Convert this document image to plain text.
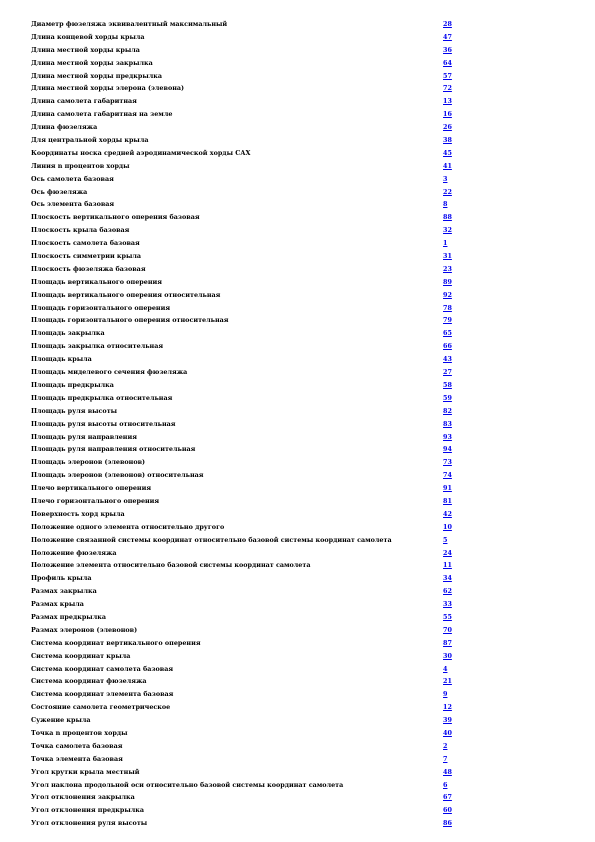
Диаметр фюзеляжа эквивалентный максимальный	28
Длина концевой хорды крыла	47
Длина местной хорды крыла	36
Длина местной хорды закрылка	64
Длина местной хорды предкрылка	57
Длина местной хорды элерона (элевона)	72
Длина самолета габаритная	13
Длина самолета габаритная на земле	16
Длина фюзеляжа	26
Для центральной хорды крыла	38
Координаты носка средней аэродинамической хорды САХ	45
Линия n процентов хорды	41
Ось самолета базовая	3
Ось фюзеляжа	22
Ось элемента базовая	8
Плоскость вертикального оперения базовая	88
Плоскость крыла базовая	32
Плоскость самолета базовая	1
Плоскость симметрии крыла	31
Плоскость фюзеляжа базовая	23
Площадь вертикального оперения	89
Площадь вертикального оперения относительная	92
Площадь горизонтального оперения	78
Площадь горизонтального оперения относительная	79
Площадь закрылка	65
Площадь закрылка относительная	66
Площадь крыла	43
Площадь миделевого сечения фюзеляжа	27
Площадь предкрылка	58
Площадь предкрылка относительная	59
Площадь руля высоты	82
Площадь руля высоты относительная	83
Площадь руля направления	93
Площадь руля направления относительная	94
Площадь элеронов (элевонов)	73
Площадь элеронов (элевонов) относительная	74
Плечо вертикального оперения	91
Плечо горизонтального оперения	81
Поверхность хорд крыла	42
Положение одного элемента относительно другого	10
Положение связанной системы координат относительно базовой системы координат самолета	5
Положение фюзеляжа	24
Положение элемента относительно базовой системы координат самолета	11
Профиль крыла	34
Размах закрылка	62
Размах крыла	33
Размах предкрылка	55
Размах элеронов (элевонов)	70
Система координат вертикального оперения	87
Система координат крыла	30
Система координат самолета базовая	4
Система координат фюзеляжа	21
Система координат элемента базовая	9
Состояние самолета геометрическое	12
Сужение крыла	39
Точка n процентов хорды	40
Точка самолета базовая	2
Точка элемента базовая	7
Угол крутки крыла местный	48
Угол наклона продольной оси относительно базовой системы координат самолета	6
Угол отклонения закрылка	67
Угол отклонения предкрылка	60
Угол отклонения руля высоты	86
